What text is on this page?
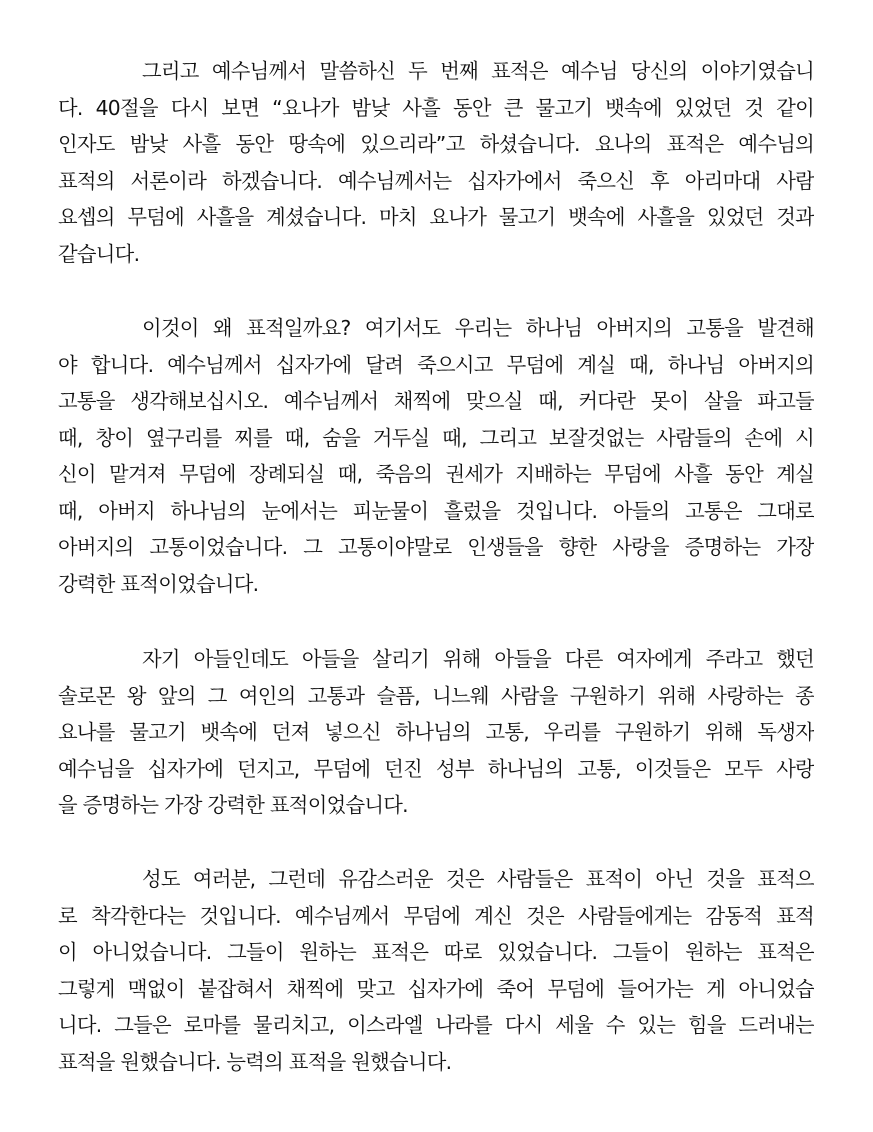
그리고 예수님께서 말씀하신 두 번째 표적은 예수님 당신의 이야기였습니
다. 40절을 다시 보면 “요나가 밤낮 사흘 동안 큰 물고기 뱃속에 있었던 것 같이
인자도 밤낮 사흘 동안 땅속에 있으리라”고 하셨습니다. 요나의 표적은 예수님의
표적의 서론이라 하겠습니다. 예수님께서는 십자가에서 죽으신 후 아리마대 사람
요셉의 무덤에 사흘을 계셨습니다. 마치 요나가 물고기 뱃속에 사흘을 있었던 것과
같습니다.

이것이 왜 표적일까요? 여기서도 우리는 하나님 아버지의 고통을 발견해
야 합니다. 예수님께서 십자가에 달려 죽으시고 무덤에 계실 때, 하나님 아버지의
고통을 생각해보십시오. 예수님께서 채찍에 맞으실 때, 커다란 못이 살을 파고들
때, 창이 옆구리를 찌를 때, 숨을 거두실 때, 그리고 보잘것없는 사람들의 손에 시
신이 맡겨져 무덤에 장례되실 때, 죽음의 권세가 지배하는 무덤에 사흘 동안 계실
때, 아버지 하나님의 눈에서는 피눈물이 흘렀을 것입니다. 아들의 고통은 그대로
아버지의 고통이었습니다. 그 고통이야말로 인생들을 향한 사랑을 증명하는 가장
강력한 표적이었습니다.

자기 아들인데도 아들을 살리기 위해 아들을 다른 여자에게 주라고 했던
솔로몬 왕 앞의 그 여인의 고통과 슬픔, 니느웨 사람을 구원하기 위해 사랑하는 종
요나를 물고기 뱃속에 던져 넣으신 하나님의 고통, 우리를 구원하기 위해 독생자
예수님을 십자가에 던지고, 무덤에 던진 성부 하나님의 고통, 이것들은 모두 사랑
을 증명하는 가장 강력한 표적이었습니다.

성도 여러분, 그런데 유감스러운 것은 사람들은 표적이 아닌 것을 표적으
로 착각한다는 것입니다. 예수님께서 무덤에 계신 것은 사람들에게는 감동적 표적
이 아니었습니다. 그들이 원하는 표적은 따로 있었습니다. 그들이 원하는 표적은
그렇게 맥없이 붙잡혀서 채찍에 맞고 십자가에 죽어 무덤에 들어가는 게 아니었습
니다. 그들은 로마를 물리치고, 이스라엘 나라를 다시 세울 수 있는 힘을 드러내는
표적을 원했습니다. 능력의 표적을 원했습니다.
